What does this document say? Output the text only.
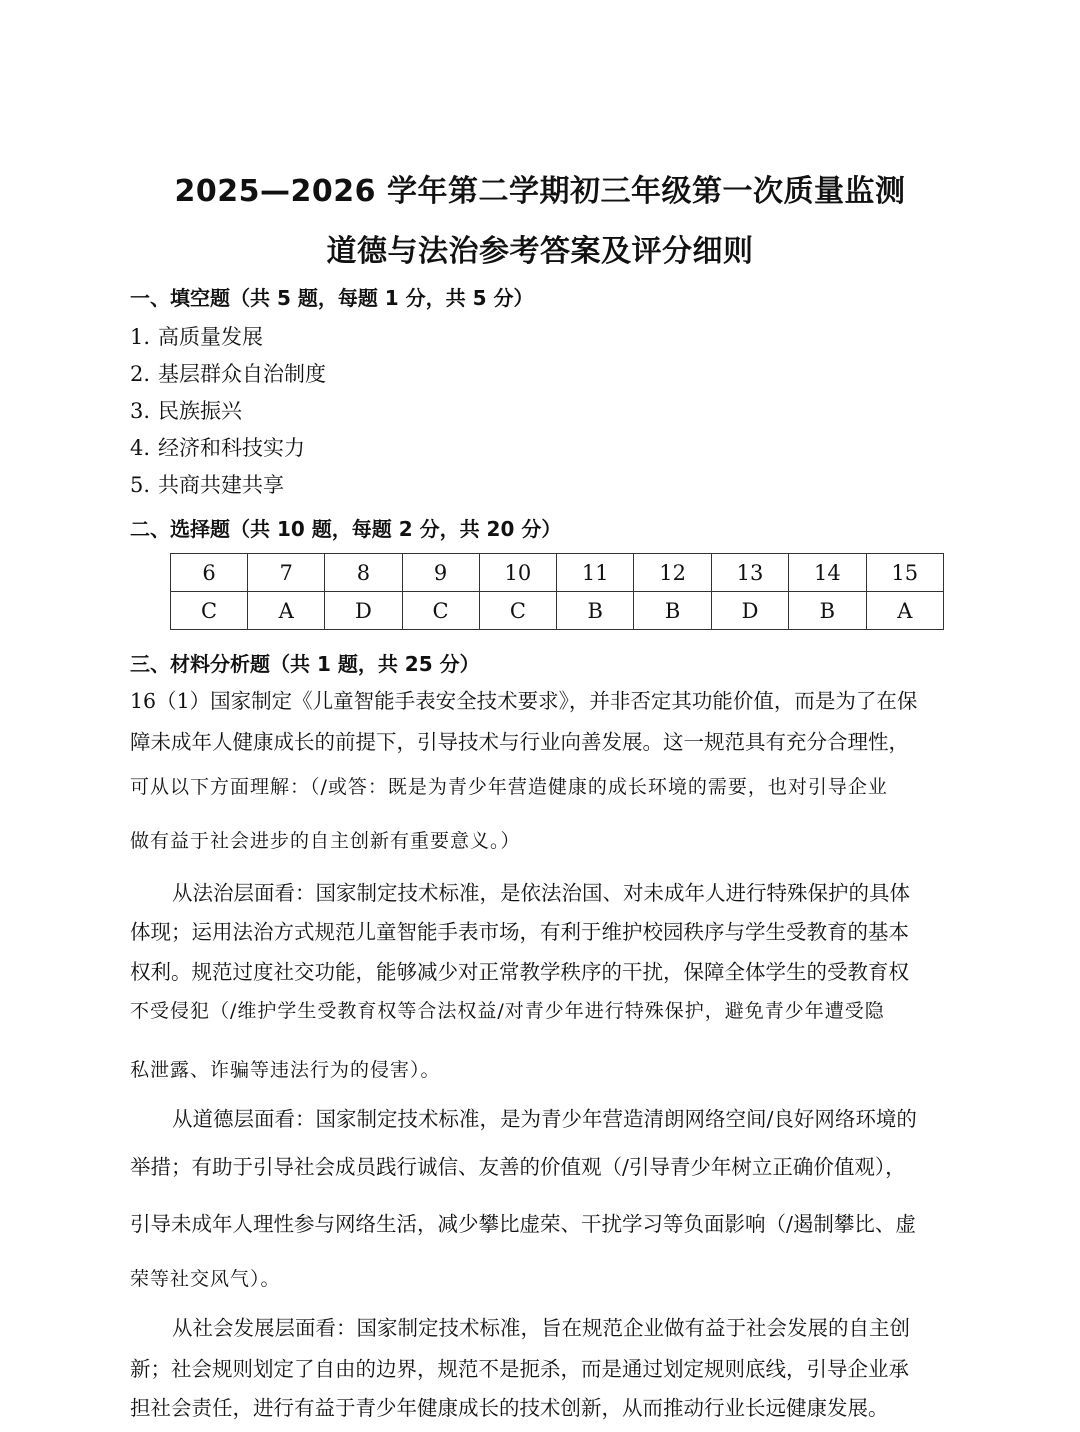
2025—2026 学年第二学期初三年级第一次质量监测
道德与法治参考答案及评分细则
一、填空题（共 5 题，每题 1 分，共 5 分）
1. 高质量发展
2. 基层群众自治制度
3. 民族振兴
4. 经济和科技实力
5. 共商共建共享
二、选择题（共 10 题，每题 2 分，共 20 分）
6	7	8	9	10	11	12	13	14	15
C	A	D	C	C	B	B	D	B	A
三、材料分析题（共 1 题，共 25 分）
16（1）国家制定《儿童智能手表安全技术要求》，并非否定其功能价值，而是为了在保
障未成年人健康成长的前提下，引导技术与行业向善发展。这一规范具有充分合理性，
可从以下方面理解：（/或答：既是为青少年营造健康的成长环境的需要，也对引导企业
做有益于社会进步的自主创新有重要意义。）
从法治层面看：国家制定技术标准，是依法治国、对未成年人进行特殊保护的具体
体现；运用法治方式规范儿童智能手表市场，有利于维护校园秩序与学生受教育的基本
权利。规范过度社交功能，能够减少对正常教学秩序的干扰，保障全体学生的受教育权
不受侵犯（/维护学生受教育权等合法权益/对青少年进行特殊保护，避免青少年遭受隐
私泄露、诈骗等违法行为的侵害）。
从道德层面看：国家制定技术标准，是为青少年营造清朗网络空间/良好网络环境的
举措；有助于引导社会成员践行诚信、友善的价值观（/引导青少年树立正确价值观），
引导未成年人理性参与网络生活，减少攀比虚荣、干扰学习等负面影响（/遏制攀比、虚
荣等社交风气）。
从社会发展层面看：国家制定技术标准，旨在规范企业做有益于社会发展的自主创
新；社会规则划定了自由的边界，规范不是扼杀，而是通过划定规则底线，引导企业承
担社会责任，进行有益于青少年健康成长的技术创新，从而推动行业长远健康发展。
